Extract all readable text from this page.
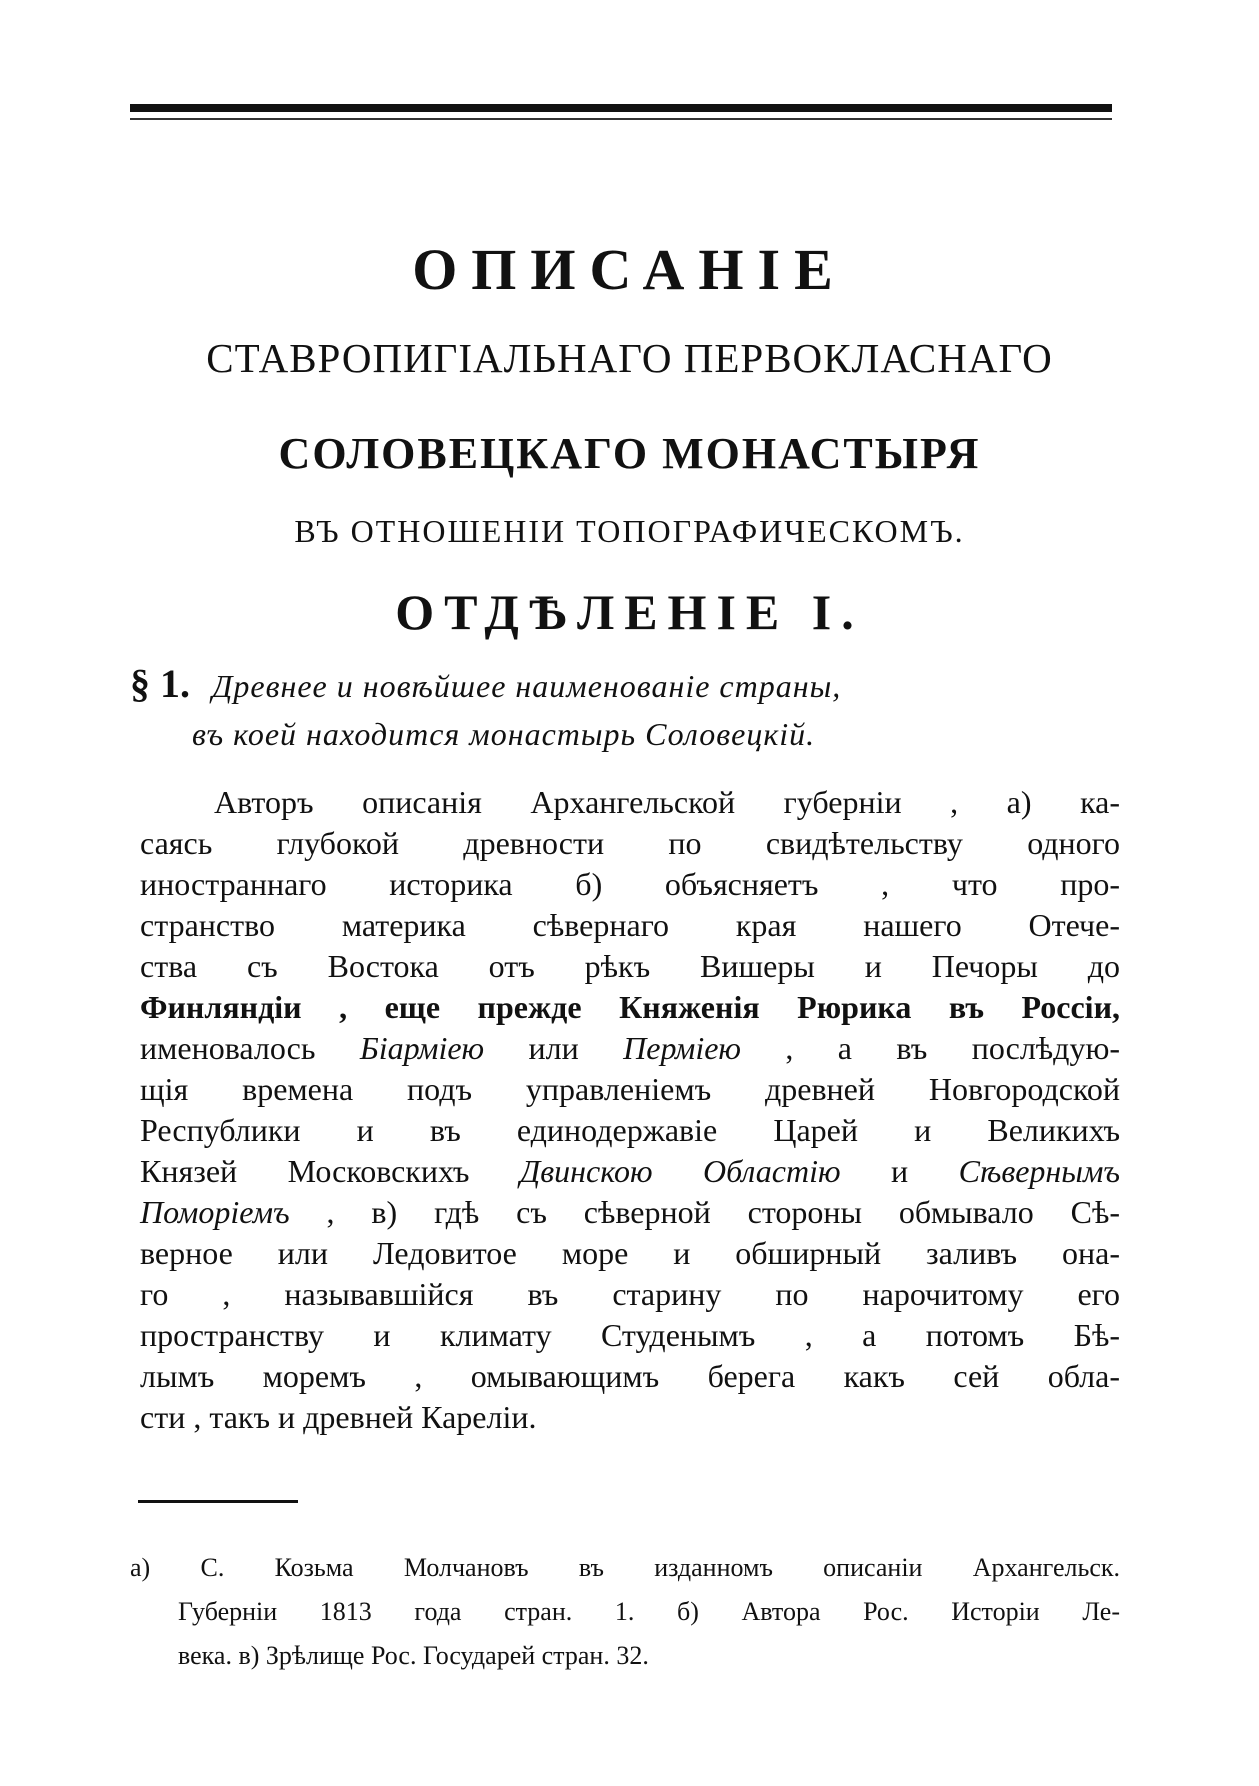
ОПИСАНІЕ
СТАВРОПИГІАЛЬНАГО ПЕРВОКЛАСНАГО
СОЛОВЕЦКАГО МОНАСТЫРЯ
ВЪ ОТНОШЕНІИ ТОПОГРАФИЧЕСКОМЪ.
ОТДѢЛЕНІЕ I.
§ 1. Древнее и новѣйшее наименованіе страны,
въ коей находится монастырь Соловецкій.
Авторъ описанія Архангельской губерніи , а) ка-
саясь глубокой древности по свидѣтельству одного
иностраннаго историка б) объясняетъ , что про-
странство материка сѣвернаго края нашего Отече-
ства съ Востока отъ рѣкъ Вишеры и Печоры до
Финляндіи , еще прежде Княженія Рюрика въ Россіи,
именовалось Біарміею или Пермiею , а въ послѣдую-
щія времена подъ управленіемъ древней Новгородской
Республики и въ единодержавіе Царей и Великихъ
Князей Московскихъ Двинскою Областiю и Сѣвернымъ
Поморіемъ , в) гдѣ съ сѣверной стороны обмывало Сѣ-
верное или Ледовитое море и обширный заливъ она-
го , называвшійся въ старину по нарочитому его
пространству и климату Студенымъ , а потомъ Бѣ-
лымъ моремъ , омывающимъ берега какъ сей обла-
сти , такъ и древней Кареліи.
а) С. Козьма Молчановъ въ изданномъ описаніи Архангельск.
Губерніи 1813 года стран. 1. б) Автора Рос. Исторіи Ле-
века. в) Зрѣлище Рос. Государей стран. 32.
